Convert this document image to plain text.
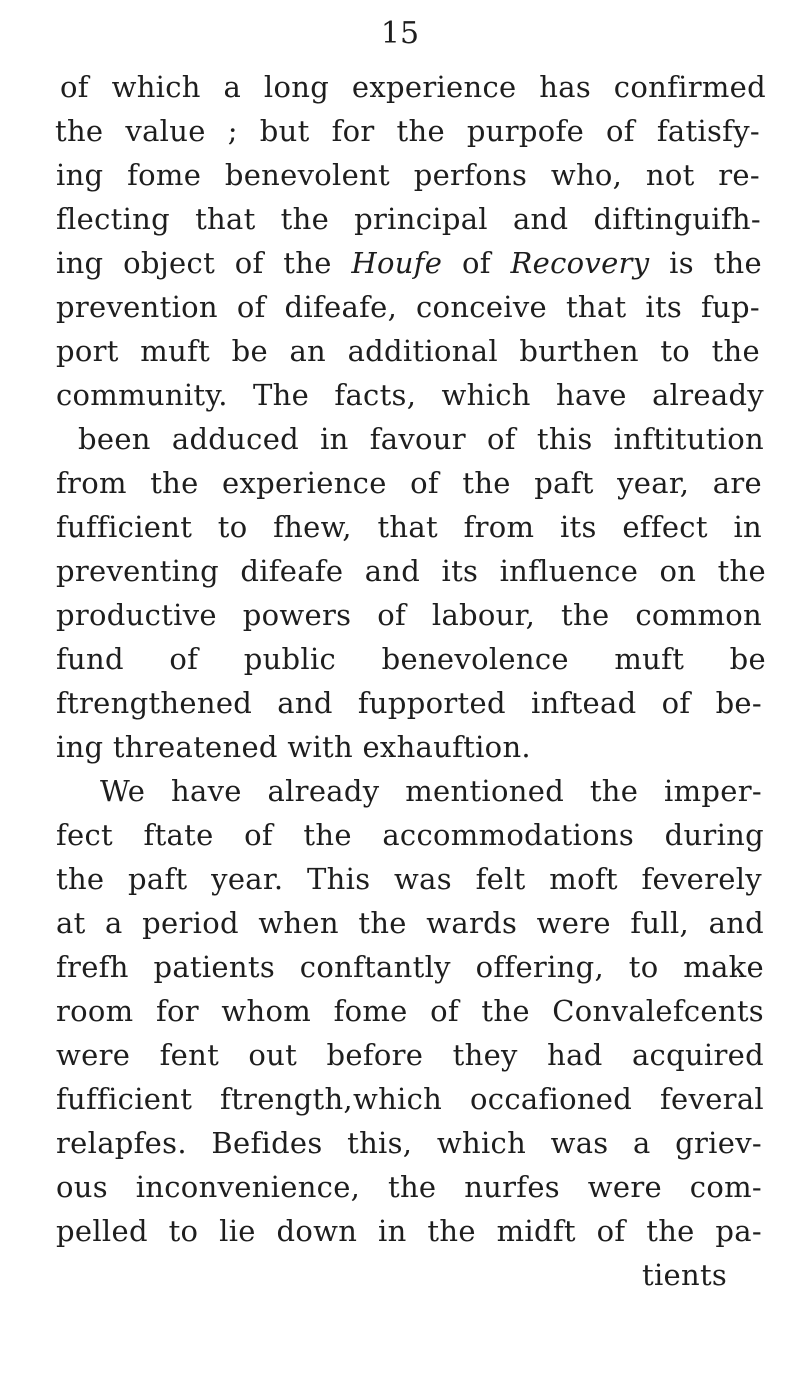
15
of which a long experience has confirmed
the value ; but for the purpofe of fatisfy-
ing fome benevolent perfons who, not re-
flecting that the principal and diftinguifh-
ing object of the Houfe of Recovery is the
prevention of difeafe, conceive that its fup-
port muft be an additional burthen to the
community. The facts, which have already
been adduced in favour of this inftitution
from the experience of the paft year, are
fufficient to fhew, that from its effect in
preventing difeafe and its influence on the
productive powers of labour, the common
fund of public benevolence muft be
ftrengthened and fupported inftead of be-
ing threatened with exhauftion.
We have already mentioned the imper-
fect ftate of the accommodations during
the paft year. This was felt moft feverely
at a period when the wards were full, and
frefh patients conftantly offering, to make
room for whom fome of the Convalefcents
were fent out before they had acquired
fufficient ftrength,which occafioned feveral
relapfes. Befides this, which was a griev-
ous inconvenience, the nurfes were com-
pelled to lie down in the midft of the pa-
tients
